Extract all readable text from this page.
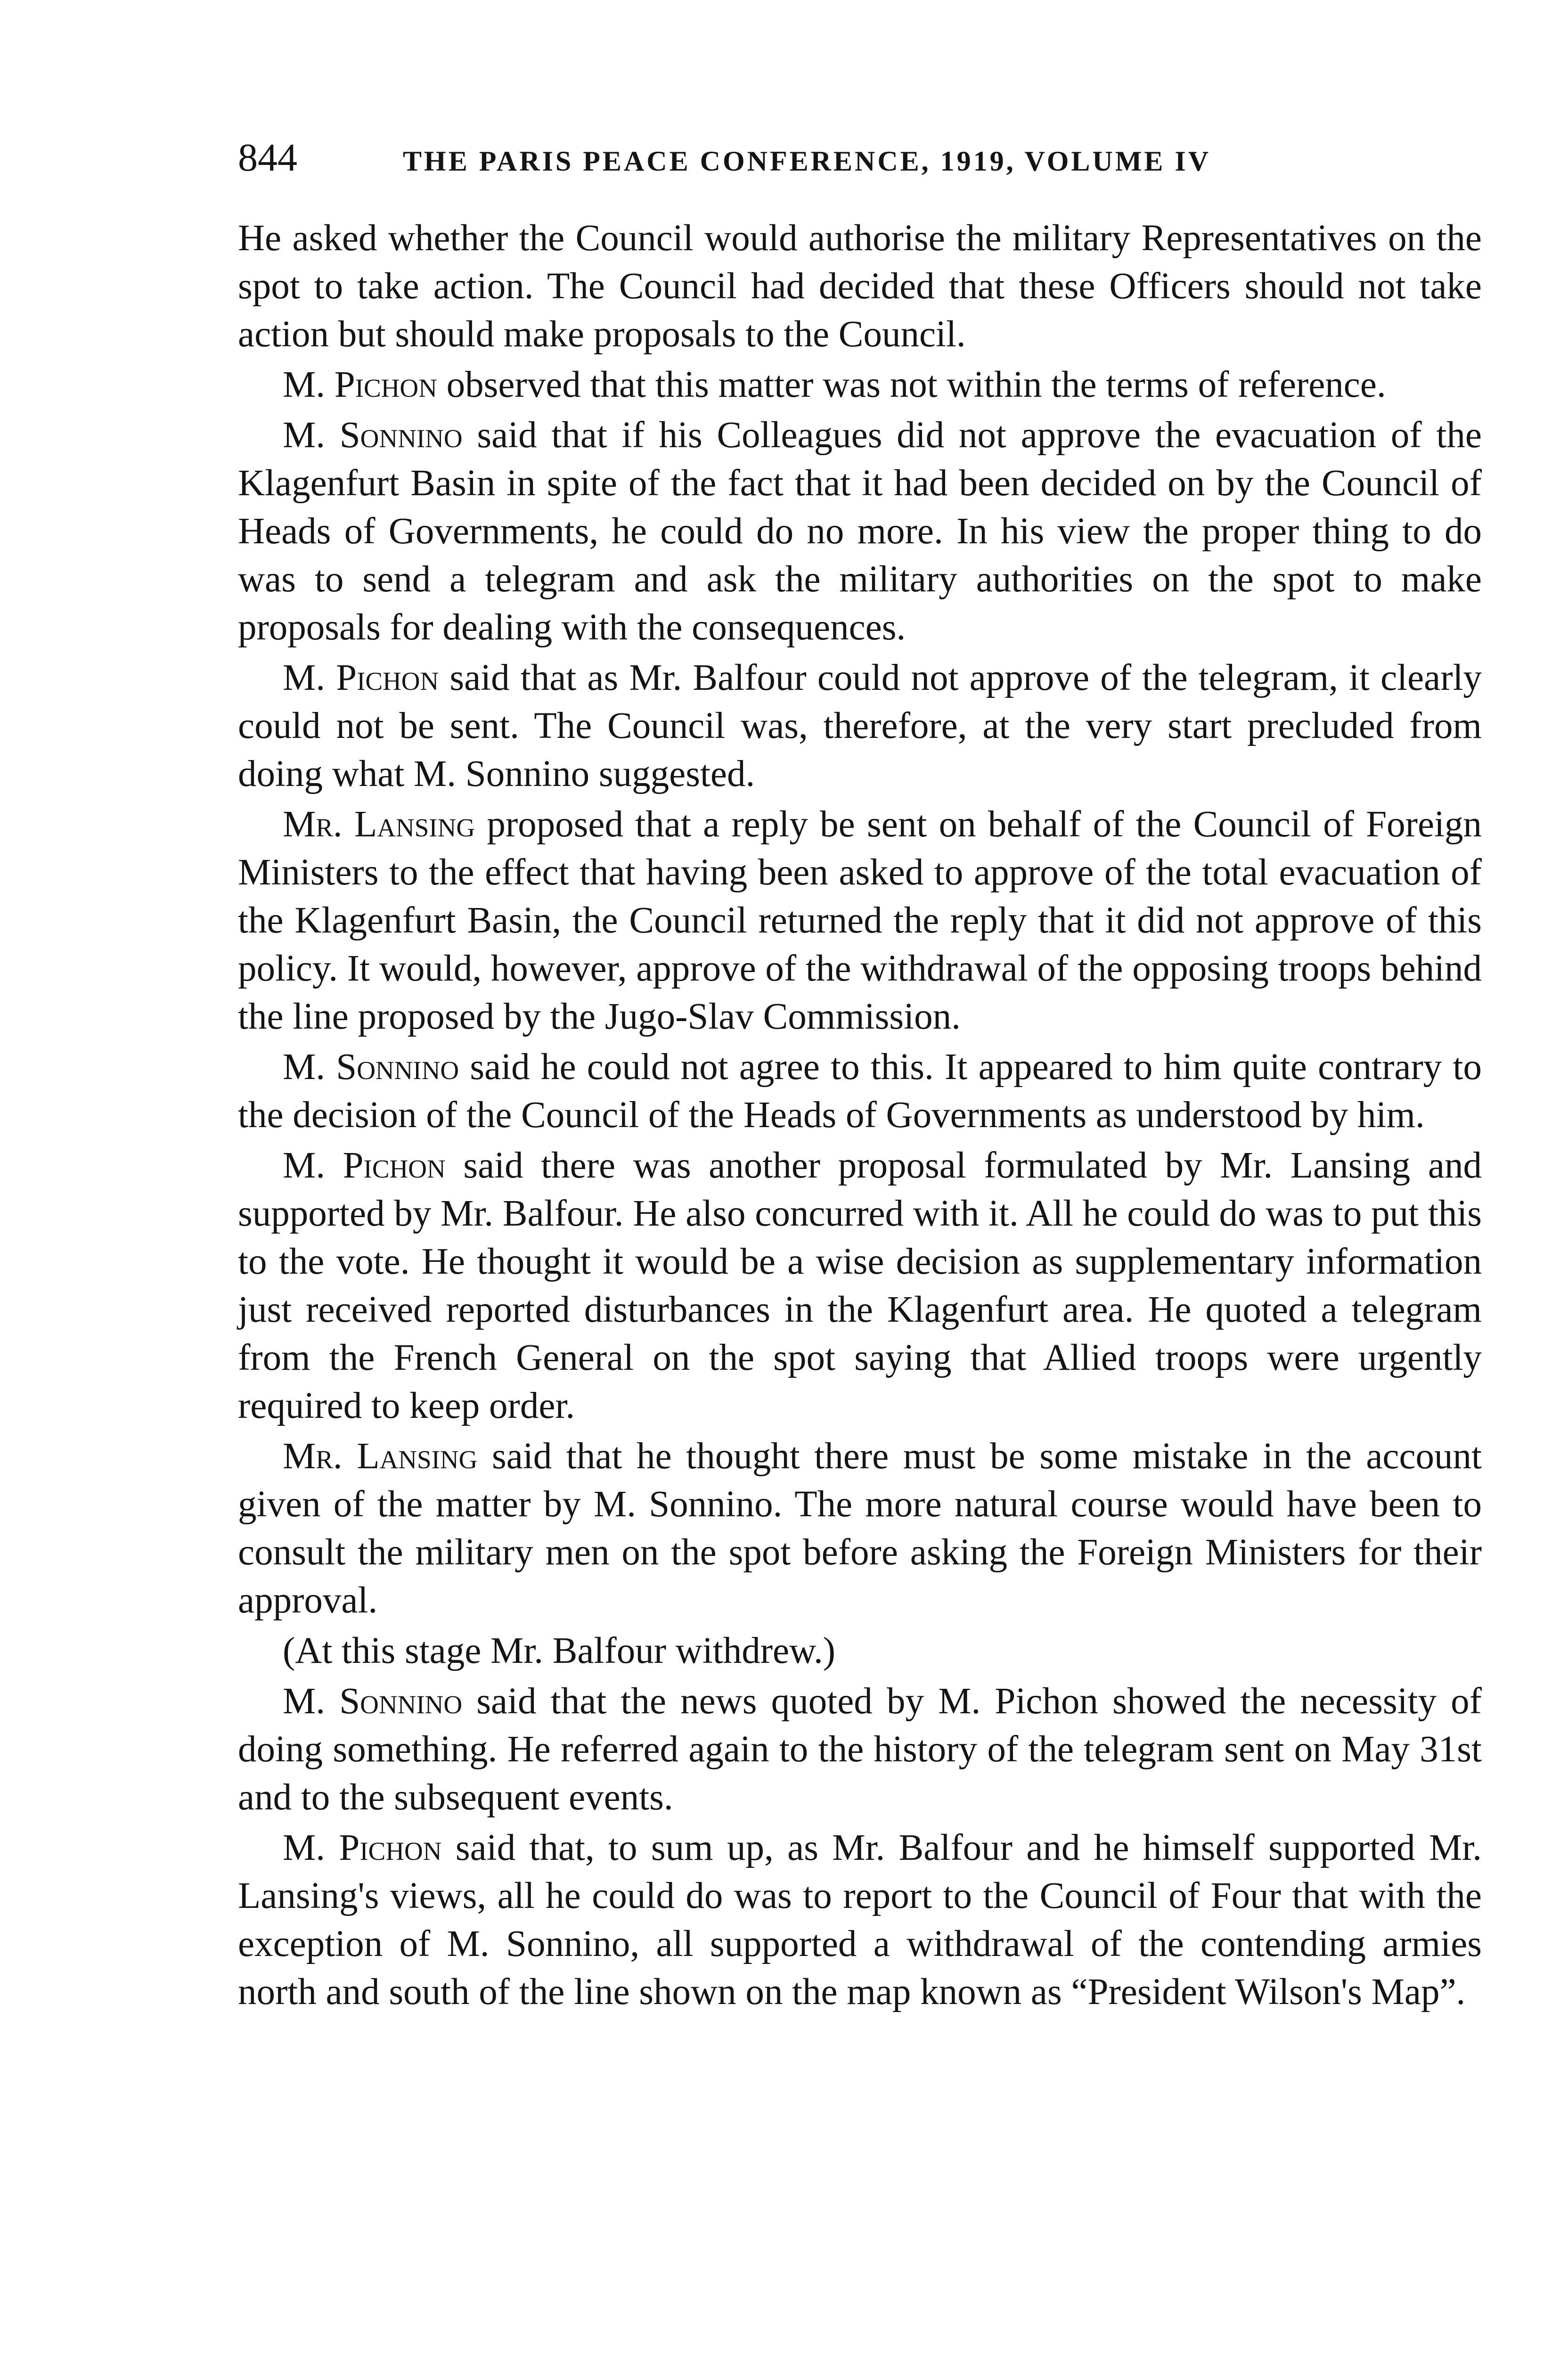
844	THE PARIS PEACE CONFERENCE, 1919, VOLUME IV

He asked whether the Council would authorise the military Representatives on the spot to take action. The Council had decided that these Officers should not take action but should make proposals to the Council.

M. Pichon observed that this matter was not within the terms of reference.

M. Sonnino said that if his Colleagues did not approve the evacuation of the Klagenfurt Basin in spite of the fact that it had been decided on by the Council of Heads of Governments, he could do no more. In his view the proper thing to do was to send a telegram and ask the military authorities on the spot to make proposals for dealing with the consequences.

M. Pichon said that as Mr. Balfour could not approve of the telegram, it clearly could not be sent. The Council was, therefore, at the very start precluded from doing what M. Sonnino suggested.

Mr. Lansing proposed that a reply be sent on behalf of the Council of Foreign Ministers to the effect that having been asked to approve of the total evacuation of the Klagenfurt Basin, the Council returned the reply that it did not approve of this policy. It would, however, approve of the withdrawal of the opposing troops behind the line proposed by the Jugo-Slav Commission.

M. Sonnino said he could not agree to this. It appeared to him quite contrary to the decision of the Council of the Heads of Governments as understood by him.

M. Pichon said there was another proposal formulated by Mr. Lansing and supported by Mr. Balfour. He also concurred with it. All he could do was to put this to the vote. He thought it would be a wise decision as supplementary information just received reported disturbances in the Klagenfurt area. He quoted a telegram from the French General on the spot saying that Allied troops were urgently required to keep order.

Mr. Lansing said that he thought there must be some mistake in the account given of the matter by M. Sonnino. The more natural course would have been to consult the military men on the spot before asking the Foreign Ministers for their approval.

(At this stage Mr. Balfour withdrew.)

M. Sonnino said that the news quoted by M. Pichon showed the necessity of doing something. He referred again to the history of the telegram sent on May 31st and to the subsequent events.

M. Pichon said that, to sum up, as Mr. Balfour and he himself supported Mr. Lansing's views, all he could do was to report to the Council of Four that with the exception of M. Sonnino, all supported a withdrawal of the contending armies north and south of the line shown on the map known as “President Wilson's Map”.
